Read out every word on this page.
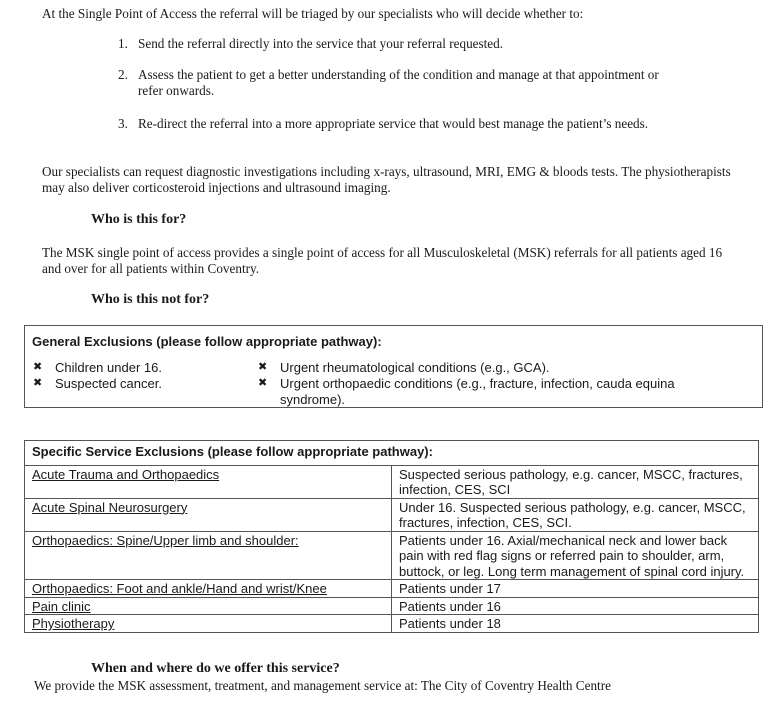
At the Single Point of Access the referral will be triaged by our specialists who will decide whether to:
1. Send the referral directly into the service that your referral requested.
2. Assess the patient to get a better understanding of the condition and manage at that appointment or refer onwards.
3. Re-direct the referral into a more appropriate service that would best manage the patient’s needs.
Our specialists can request diagnostic investigations including x-rays, ultrasound, MRI, EMG & bloods tests. The physiotherapists may also deliver corticosteroid injections and ultrasound imaging.
Who is this for?
The MSK single point of access provides a single point of access for all Musculoskeletal (MSK) referrals for all patients aged 16 and over for all patients within Coventry.
Who is this not for?
General Exclusions (please follow appropriate pathway):
✖ Children under 16.
✖ Suspected cancer.
✖ Urgent rheumatological conditions (e.g., GCA).
✖ Urgent orthopaedic conditions (e.g., fracture, infection, cauda equina syndrome).
Specific Service Exclusions (please follow appropriate pathway):	
Acute Trauma and Orthopaedics	Suspected serious pathology, e.g. cancer, MSCC, fractures, infection, CES, SCI
Acute Spinal Neurosurgery	Under 16. Suspected serious pathology, e.g. cancer, MSCC, fractures, infection, CES, SCI.
Orthopaedics: Spine/Upper limb and shoulder:	Patients under 16. Axial/mechanical neck and lower back pain with red flag signs or referred pain to shoulder, arm, buttock, or leg. Long term management of spinal cord injury.
Orthopaedics: Foot and ankle/Hand and wrist/Knee	Patients under 17
Pain clinic	Patients under 16
Physiotherapy	Patients under 18
When and where do we offer this service?
We provide the MSK assessment, treatment, and management service at: The City of Coventry Health Centre
